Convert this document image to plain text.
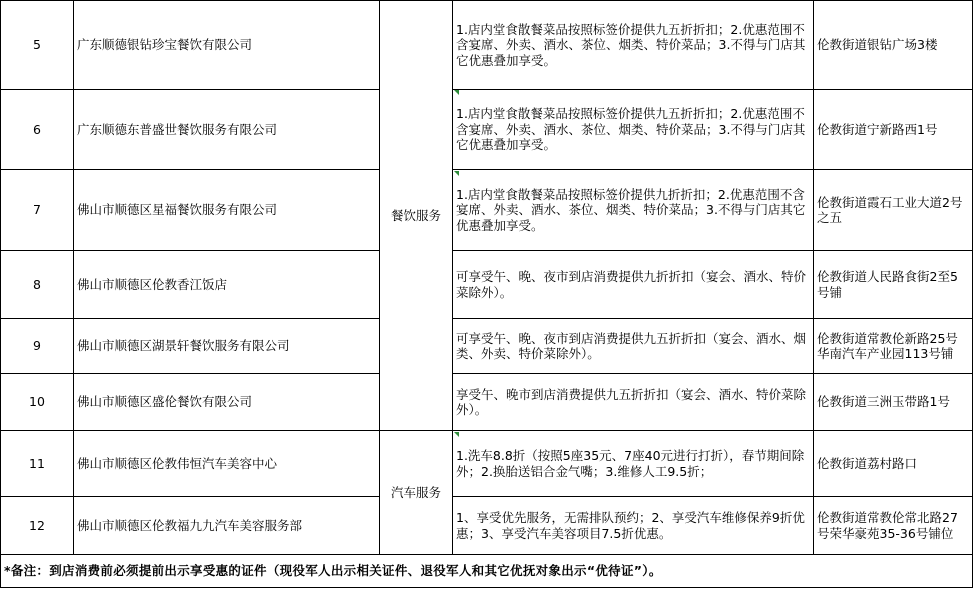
5	广东顺德银钻珍宝餐饮有限公司	餐饮服务	1.店内堂食散餐菜品按照标签价提供九五折折扣；2.优惠范围不含宴席、外卖、酒水、茶位、烟类、特价菜品；3.不得与门店其它优惠叠加享受。	伦教街道银钻广场3楼
6	广东顺德东普盛世餐饮服务有限公司		1.店内堂食散餐菜品按照标签价提供九五折折扣；2.优惠范围不含宴席、外卖、酒水、茶位、烟类、特价菜品；3.不得与门店其它优惠叠加享受。	伦教街道宁新路西1号
7	佛山市顺德区星福餐饮服务有限公司		1.店内堂食散餐菜品按照标签价提供九折折扣；2.优惠范围不含宴席、外卖、酒水、茶位、烟类、特价菜品；3.不得与门店其它优惠叠加享受。	伦教街道霞石工业大道2号之五
8	佛山市顺德区伦教香江饭店		可享受午、晚、夜市到店消费提供九折折扣（宴会、酒水、特价菜除外）。	伦教街道人民路食街2至5号铺
9	佛山市顺德区湖景轩餐饮服务有限公司		可享受午、晚、夜市到店消费提供九五折折扣（宴会、酒水、烟类、外卖、特价菜除外）。	伦教街道常教伦新路25号华南汽车产业园113号铺
10	佛山市顺德区盛伦餐饮有限公司		享受午、晚市到店消费提供九五折折扣（宴会、酒水、特价菜除外）。	伦教街道三洲玉带路1号
11	佛山市顺德区伦教伟恒汽车美容中心	汽车服务	1.洗车8.8折（按照5座35元、7座40元进行打折），春节期间除外；2.换胎送铝合金气嘴；3.维修人工9.5折；	伦教街道荔村路口
12	佛山市顺德区伦教福九九汽车美容服务部		1、享受优先服务，无需排队预约；2、享受汽车维修保养9折优惠；3、享受汽车美容项目7.5折优惠。	伦教街道常教伦常北路27号荣华豪苑35-36号铺位
*备注：到店消费前必须提前出示享受惠的证件（现役军人出示相关证件、退役军人和其它优抚对象出示“优待证”）。				
